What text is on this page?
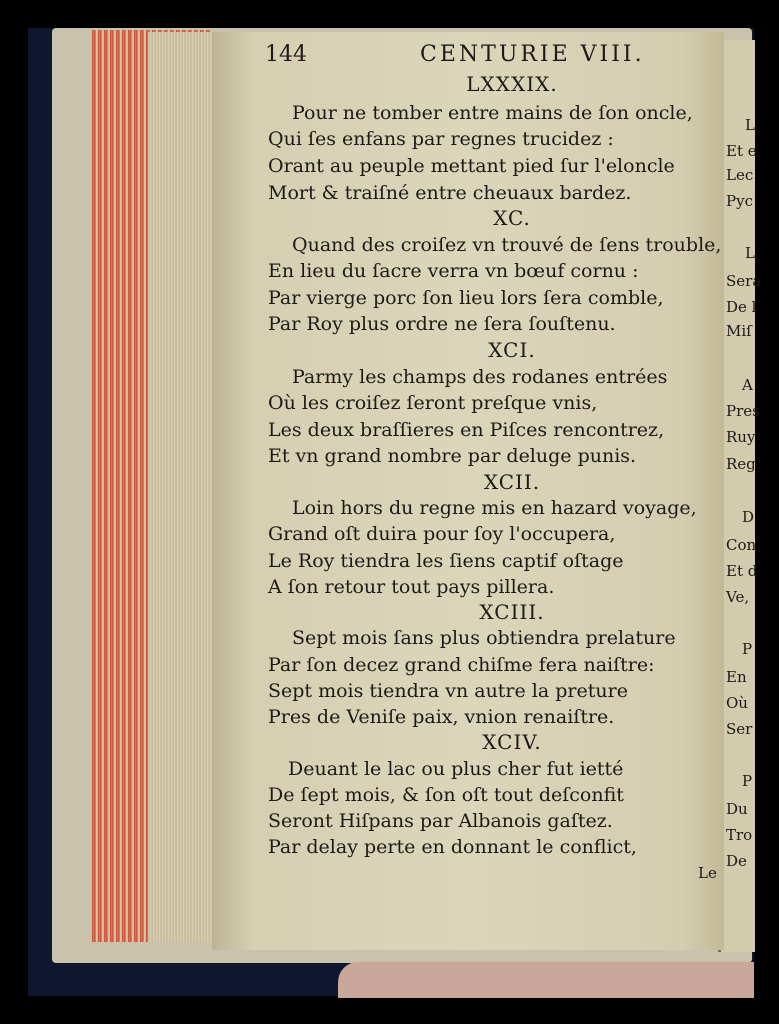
144	CENTURIE VIII.
LXXXIX.
Pour ne tomber entre mains de ſon oncle,
Qui ſes enfans par regnes trucidez :
Orant au peuple mettant pied ſur l'eloncle
Mort & traiſné entre cheuaux bardez.
XC.
Quand des croiſez vn trouvé de ſens trouble,
En lieu du ſacre verra vn bœuf cornu :
Par vierge porc ſon lieu lors ſera comble,
Par Roy plus ordre ne ſera ſouſtenu.
XCI.
Parmy les champs des rodanes entrées
Où les croiſez ſeront preſque vnis,
Les deux braſſieres en Piſces rencontrez,
Et vn grand nombre par deluge punis.
XCII.
Loin hors du regne mis en hazard voyage,
Grand oſt duira pour ſoy l'occupera,
Le Roy tiendra les ſiens captif oſtage
A ſon retour tout pays pillera.
XCIII.
Sept mois ſans plus obtiendra prelature
Par ſon decez grand chiſme fera naiſtre:
Sept mois tiendra vn autre la preture
Pres de Veniſe paix, vnion renaiſtre.
XCIV.
Deuant le lac ou plus cher fut ietté
De ſept mois, & ſon oſt tout deſconfit
Seront Hiſpans par Albanois gaſtez.
Par delay perte en donnant le conflict,
L
Et e
Lec
Pyc
L
Sera
De l
Miſ
A
Pres
Ruy
Reg
D
Con
Et d
Ve,
P
En
Où
Ser
P
Du
Tro
De
Le
